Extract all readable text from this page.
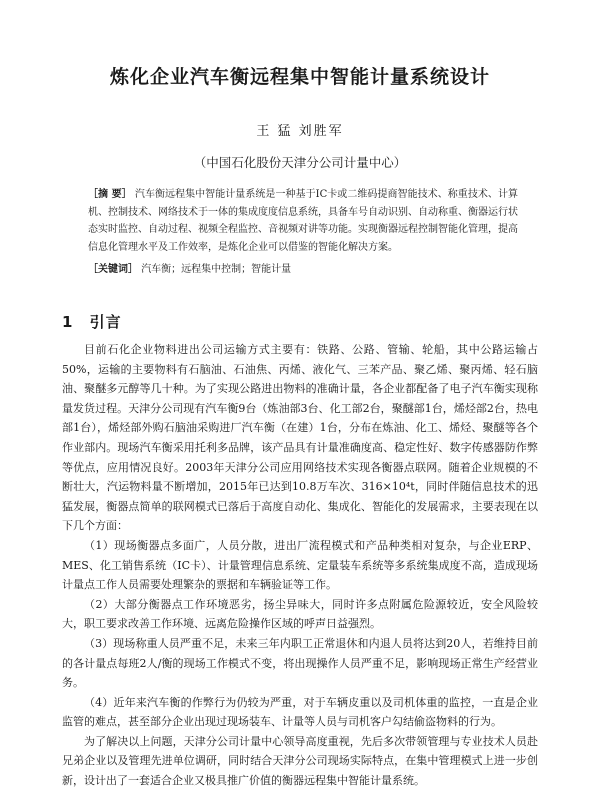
炼化企业汽车衡远程集中智能计量系统设计
王 猛 刘胜军
（中国石化股份天津分公司计量中心）
［摘 要］ 汽车衡远程集中智能计量系统是一种基于IC卡或二维码提商智能技术、称重技术、计算机、控制技术、网络技术于一体的集成度度信息系统，具备车号自动识别、自动称重、衡器运行状态实时监控、自动过程、视频全程监控、音视频对讲等功能。实现衡器远程控制智能化管理，提高信息化管理水平及工作效率，是炼化企业可以借鉴的智能化解决方案。
［关键词］ 汽车衡；远程集中控制；智能计量
1 引言

目前石化企业物料进出公司运输方式主要有：铁路、公路、管输、轮船，其中公路运输占50%，运输的主要物料有石脑油、石油焦、丙烯、液化气、三苯产品、聚乙烯、聚丙烯、轻石脑油、聚醚多元醇等几十种。为了实现公路进出物料的准确计量，各企业都配备了电子汽车衡实现称量发货过程。天津分公司现有汽车衡9台（炼油部3台、化工部2台，聚醚部1台，烯烃部2台，热电部1台），烯烃部外购石脑油采购进厂汽车衡（在建）1台，分布在炼油、化工、烯烃、聚醚等各个作业部内。现场汽车衡采用托利多品牌，该产品具有计量准确度高、稳定性好、数字传感器防作弊等优点，应用情况良好。2003年天津分公司应用网络技术实现各衡器点联网。随着企业规模的不断壮大，汽运物料量不断增加，2015年已达到10.8万车次、316×10⁴t，同时伴随信息技术的迅猛发展，衡器点简单的联网模式已落后于高度自动化、集成化、智能化的发展需求，主要表现在以下几个方面：

（1）现场衡器点多面广，人员分散，进出厂流程模式和产品种类相对复杂，与企业ERP、MES、化工销售系统（IC卡）、计量管理信息系统、定量装车系统等多系统集成度不高，造成现场计量点工作人员需要处理繁杂的票据和车辆验证等工作。

（2）大部分衡器点工作环境恶劣，扬尘异味大，同时许多点附属危险源较近，安全风险较大，职工要求改善工作环境、远离危险操作区域的呼声日益强烈。

（3）现场称重人员严重不足，未来三年内职工正常退休和内退人员将达到20人，若维持目前的各计量点每班2人/衡的现场工作模式不变，将出现操作人员严重不足，影响现场正常生产经营业务。

（4）近年来汽车衡的作弊行为仍较为严重，对于车辆皮重以及司机体重的监控，一直是企业监管的难点，甚至部分企业出现过现场装车、计量等人员与司机客户勾结偷盗物料的行为。

为了解决以上问题，天津分公司计量中心领导高度重视，先后多次带领管理与专业技术人员赴兄弟企业以及管理先进单位调研，同时结合天津分公司现场实际特点，在集中管理模式上进一步创新，设计出了一套适合企业又极具推广价值的衡器远程集中智能计量系统。
